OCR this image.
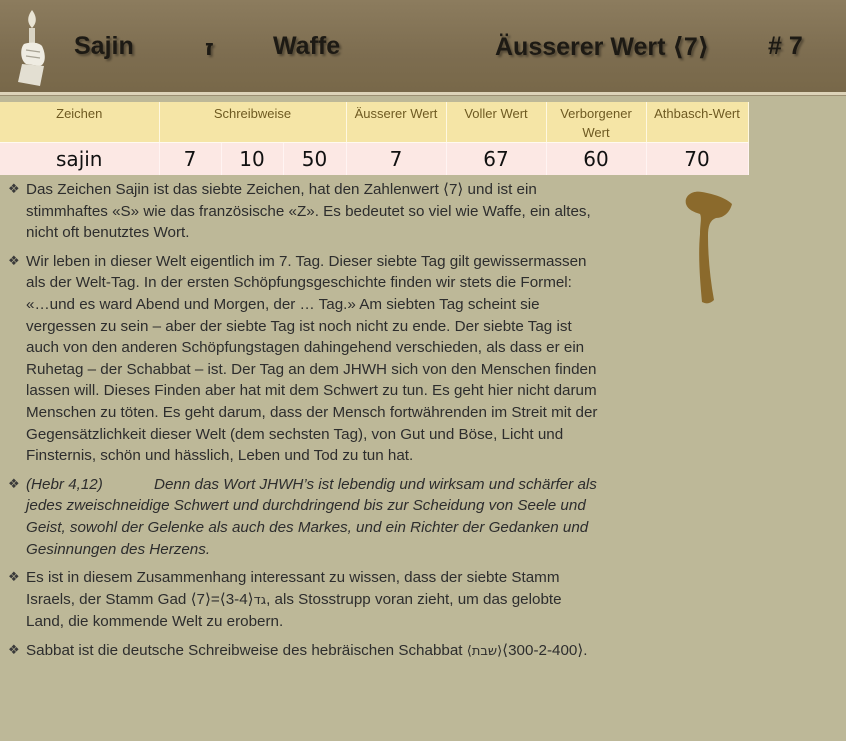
Sajin	ז Waffe	Äusserer Wert ⟨7⟩ # 7
Zeichen	Schreibweise			Äusserer Wert	Voller Wert	Verborgener Wert	Athbasch-Wert
sajin	7	10	50	7	67	60	70
❖ Das Zeichen Sajin ist das siebte Zeichen, hat den Zahlenwert ⟨7⟩ und ist ein stimmhaftes «S» wie das französische «Z». Es bedeutet so viel wie Waffe, ein altes, nicht oft benutztes Wort.
❖ Wir leben in dieser Welt eigentlich im 7. Tag. Dieser siebte Tag gilt gewissermassen als der Welt-Tag. In der ersten Schöpfungsgeschichte finden wir stets die Formel: «…und es ward Abend und Morgen, der … Tag.» Am siebten Tag scheint sie vergessen zu sein – aber der siebte Tag ist noch nicht zu ende. Der siebte Tag ist auch von den anderen Schöpfungstagen dahingehend verschieden, als dass er ein Ruhetag – der Schabbat – ist. Der Tag an dem JHWH sich von den Menschen finden lassen will. Dieses Finden aber hat mit dem Schwert zu tun. Es geht hier nicht darum Menschen zu töten. Es geht darum, dass der Mensch fortwährenden im Streit mit der Gegensätzlichkeit dieser Welt (dem sechsten Tag), von Gut und Böse, Licht und Finsternis, schön und hässlich, Leben und Tod zu tun hat.
❖ (Hebr 4,12)	Denn das Wort JHWH’s ist lebendig und wirksam und schärfer als jedes zweischneidige Schwert und durchdringend bis zur Scheidung von Seele und Geist, sowohl der Gelenke als auch des Markes, und ein Richter der Gedanken und Gesinnungen des Herzens.
❖ Es ist in diesem Zusammenhang interessant zu wissen, dass der siebte Stamm Israels, der Stamm Gad	גד⟨3-4⟩=⟨7⟩, als Stosstrupp voran zieht, um das gelobte Land, die kommende Welt zu erobern.
❖ Sabbat ist die deutsche Schreibweise des hebräischen Schabbat ⟨שבת⟩⟨300-2-400⟩.
